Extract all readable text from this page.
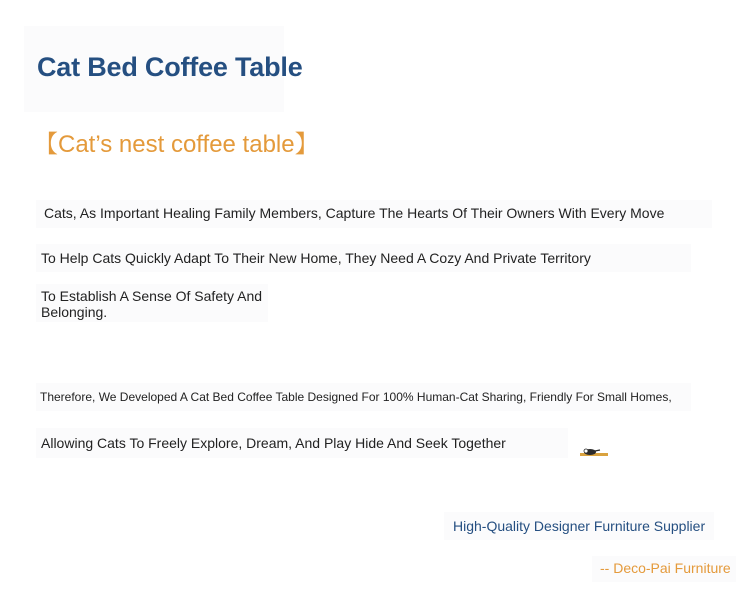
Cat Bed Coffee Table
【Cat’s nest coffee table】
Cats, As Important Healing Family Members, Capture The Hearts Of Their Owners With Every Move
To Help Cats Quickly Adapt To Their New Home, They Need A Cozy And Private Territory
To Establish A Sense Of Safety And Belonging.
Therefore, We Developed A Cat Bed Coffee Table Designed For 100% Human-Cat Sharing, Friendly For Small Homes,
Allowing Cats To Freely Explore, Dream, And Play Hide And Seek Together
High-Quality Designer Furniture Supplier
-- Deco-Pai Furniture
